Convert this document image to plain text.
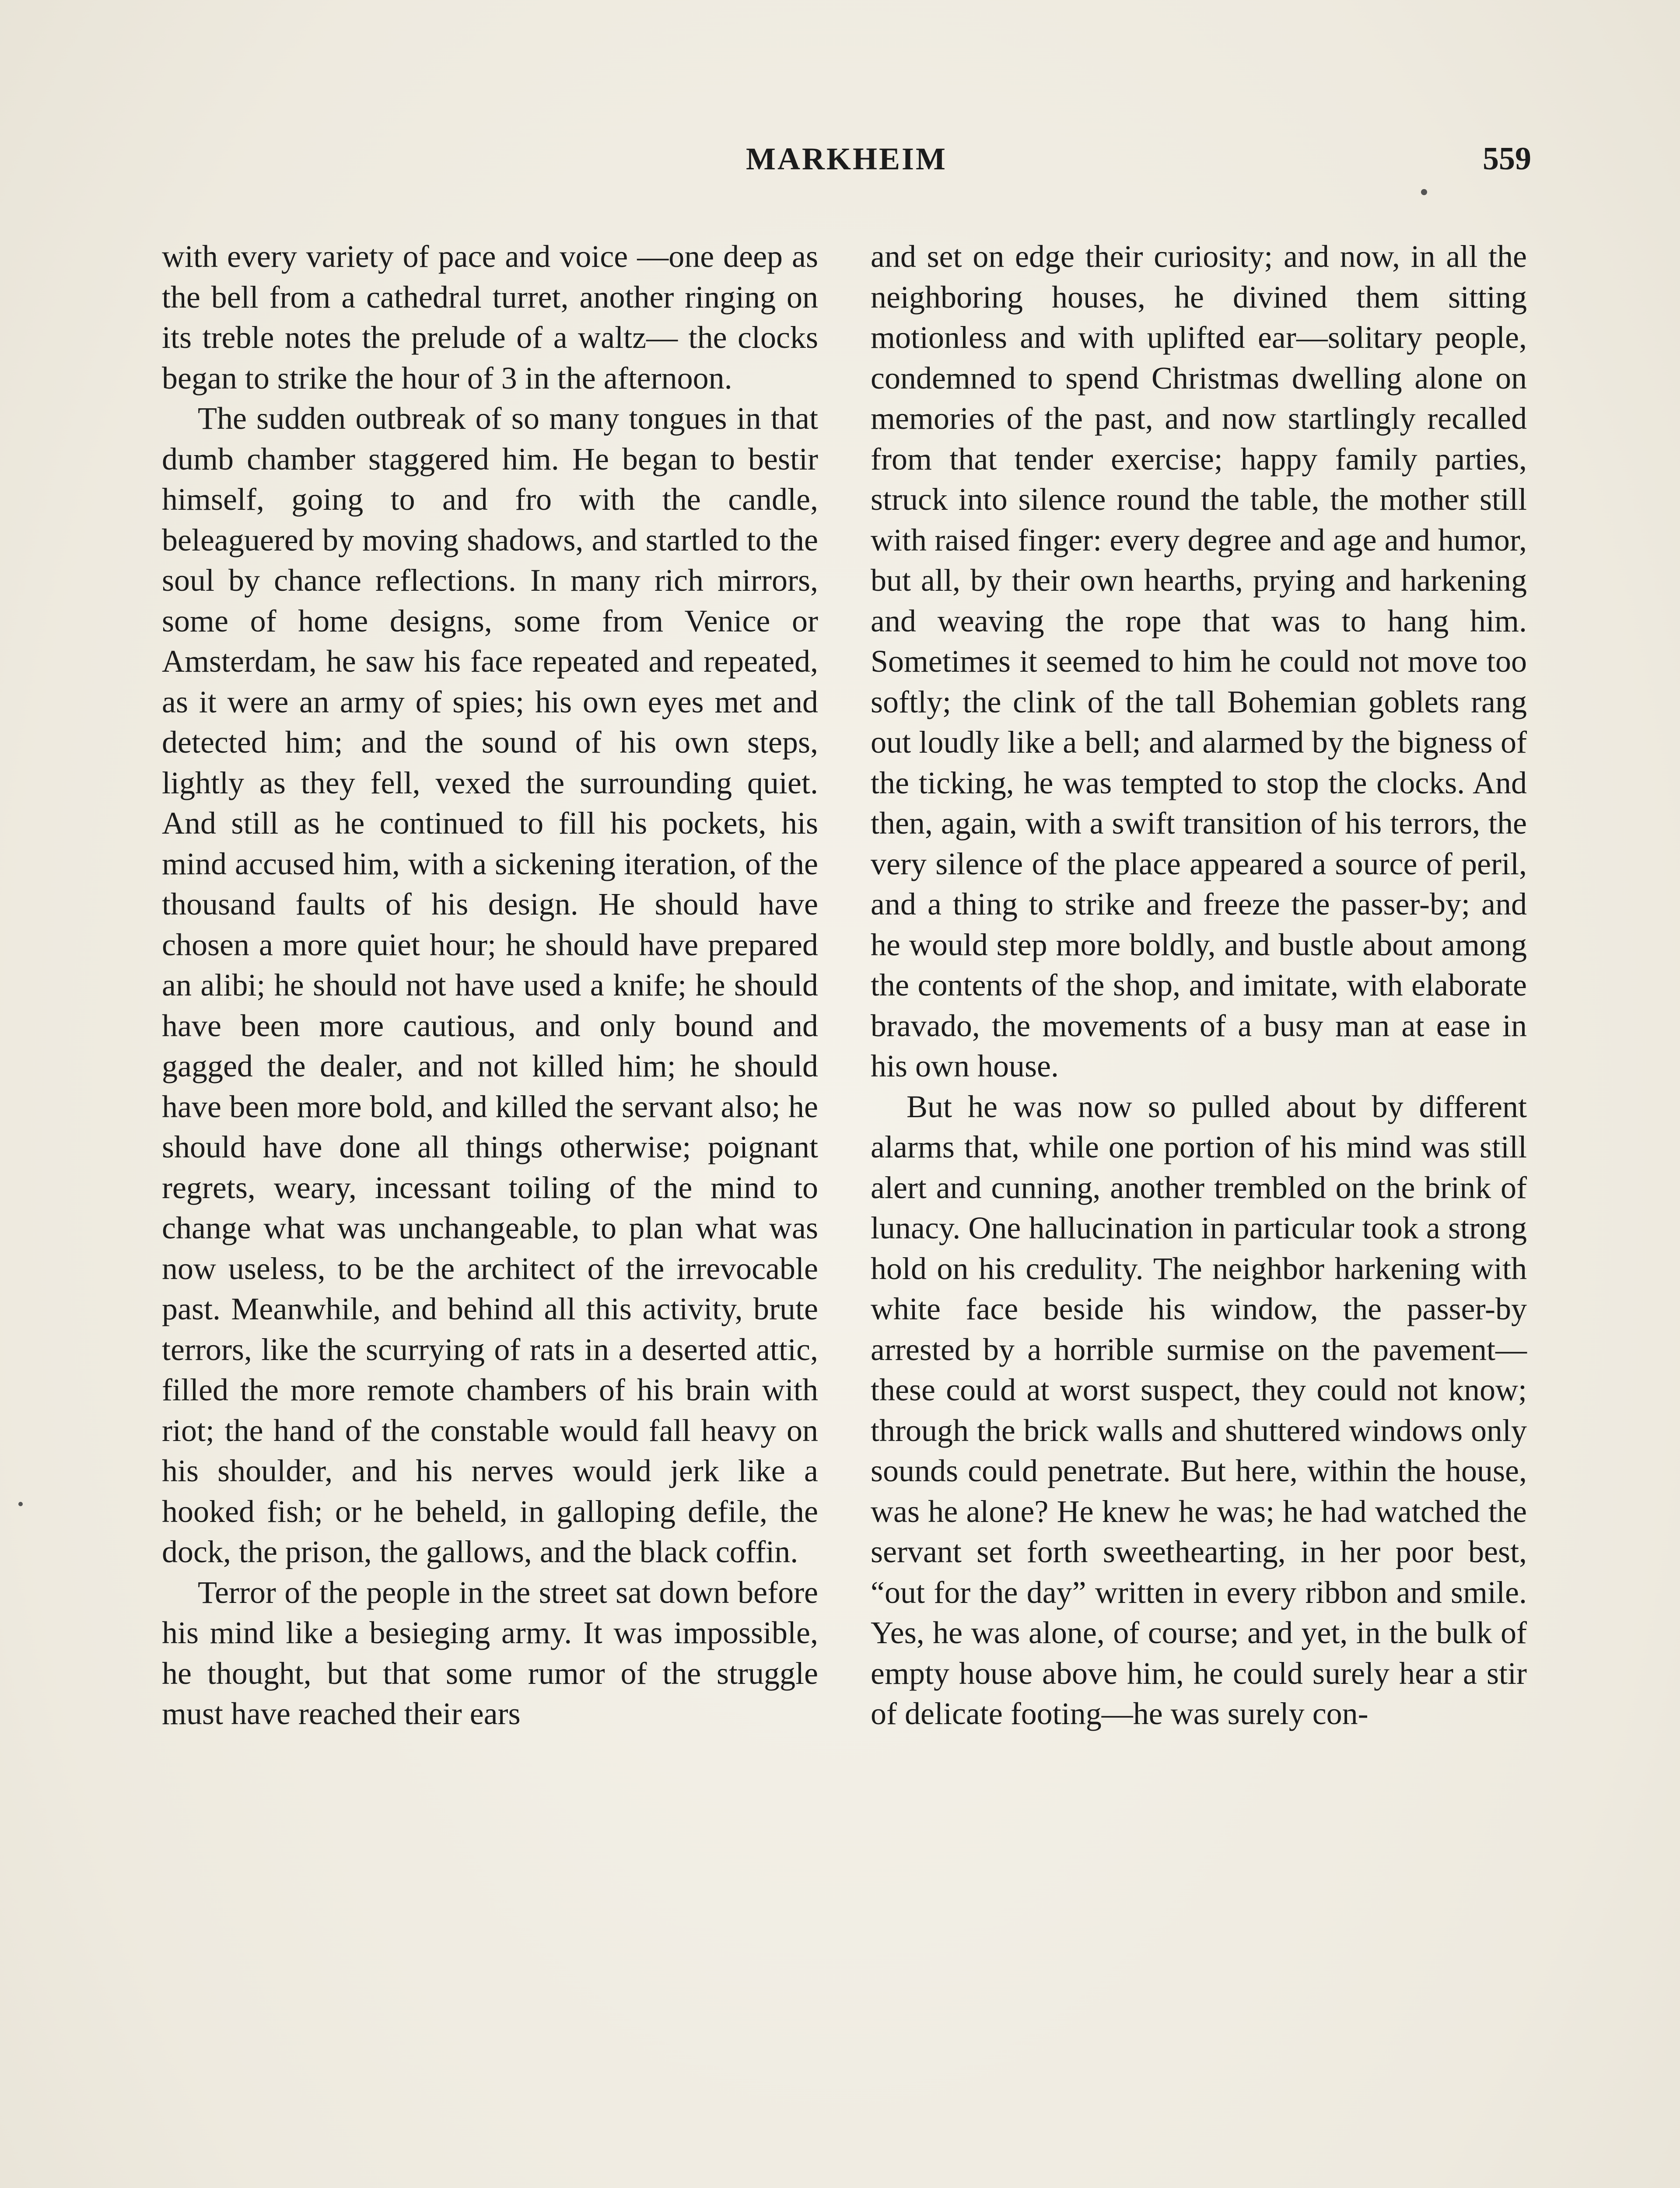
MARKHEIM	559

with every variety of pace and voice —one deep as the bell from a cathedral turret, another ringing on its treble notes the prelude of a waltz— the clocks began to strike the hour of 3 in the afternoon.

The sudden outbreak of so many tongues in that dumb chamber staggered him. He began to bestir himself, going to and fro with the candle, beleaguered by moving shadows, and startled to the soul by chance reflections. In many rich mirrors, some of home designs, some from Venice or Amsterdam, he saw his face repeated and repeated, as it were an army of spies; his own eyes met and detected him; and the sound of his own steps, lightly as they fell, vexed the surrounding quiet. And still as he continued to fill his pockets, his mind accused him, with a sickening iteration, of the thousand faults of his design. He should have chosen a more quiet hour; he should have prepared an alibi; he should not have used a knife; he should have been more cautious, and only bound and gagged the dealer, and not killed him; he should have been more bold, and killed the servant also; he should have done all things otherwise; poignant regrets, weary, incessant toiling of the mind to change what was unchangeable, to plan what was now useless, to be the architect of the irrevocable past. Meanwhile, and behind all this activity, brute terrors, like the scurrying of rats in a deserted attic, filled the more remote chambers of his brain with riot; the hand of the constable would fall heavy on his shoulder, and his nerves would jerk like a hooked fish; or he beheld, in galloping defile, the dock, the prison, the gallows, and the black coffin.

Terror of the people in the street sat down before his mind like a besieging army. It was impossible, he thought, but that some rumor of the struggle must have reached their ears

and set on edge their curiosity; and now, in all the neighboring houses, he divined them sitting motionless and with uplifted ear—solitary people, condemned to spend Christmas dwelling alone on memories of the past, and now startlingly recalled from that tender exercise; happy family parties, struck into silence round the table, the mother still with raised finger: every degree and age and humor, but all, by their own hearths, prying and harkening and weaving the rope that was to hang him. Sometimes it seemed to him he could not move too softly; the clink of the tall Bohemian goblets rang out loudly like a bell; and alarmed by the bigness of the ticking, he was tempted to stop the clocks. And then, again, with a swift transition of his terrors, the very silence of the place appeared a source of peril, and a thing to strike and freeze the passer-by; and he would step more boldly, and bustle about among the contents of the shop, and imitate, with elaborate bravado, the movements of a busy man at ease in his own house.

But he was now so pulled about by different alarms that, while one portion of his mind was still alert and cunning, another trembled on the brink of lunacy. One hallucination in particular took a strong hold on his credulity. The neighbor harkening with white face beside his window, the passer-by arrested by a horrible surmise on the pavement— these could at worst suspect, they could not know; through the brick walls and shuttered windows only sounds could penetrate. But here, within the house, was he alone? He knew he was; he had watched the servant set forth sweethearting, in her poor best, “out for the day” written in every ribbon and smile. Yes, he was alone, of course; and yet, in the bulk of empty house above him, he could surely hear a stir of delicate footing—he was surely con-
